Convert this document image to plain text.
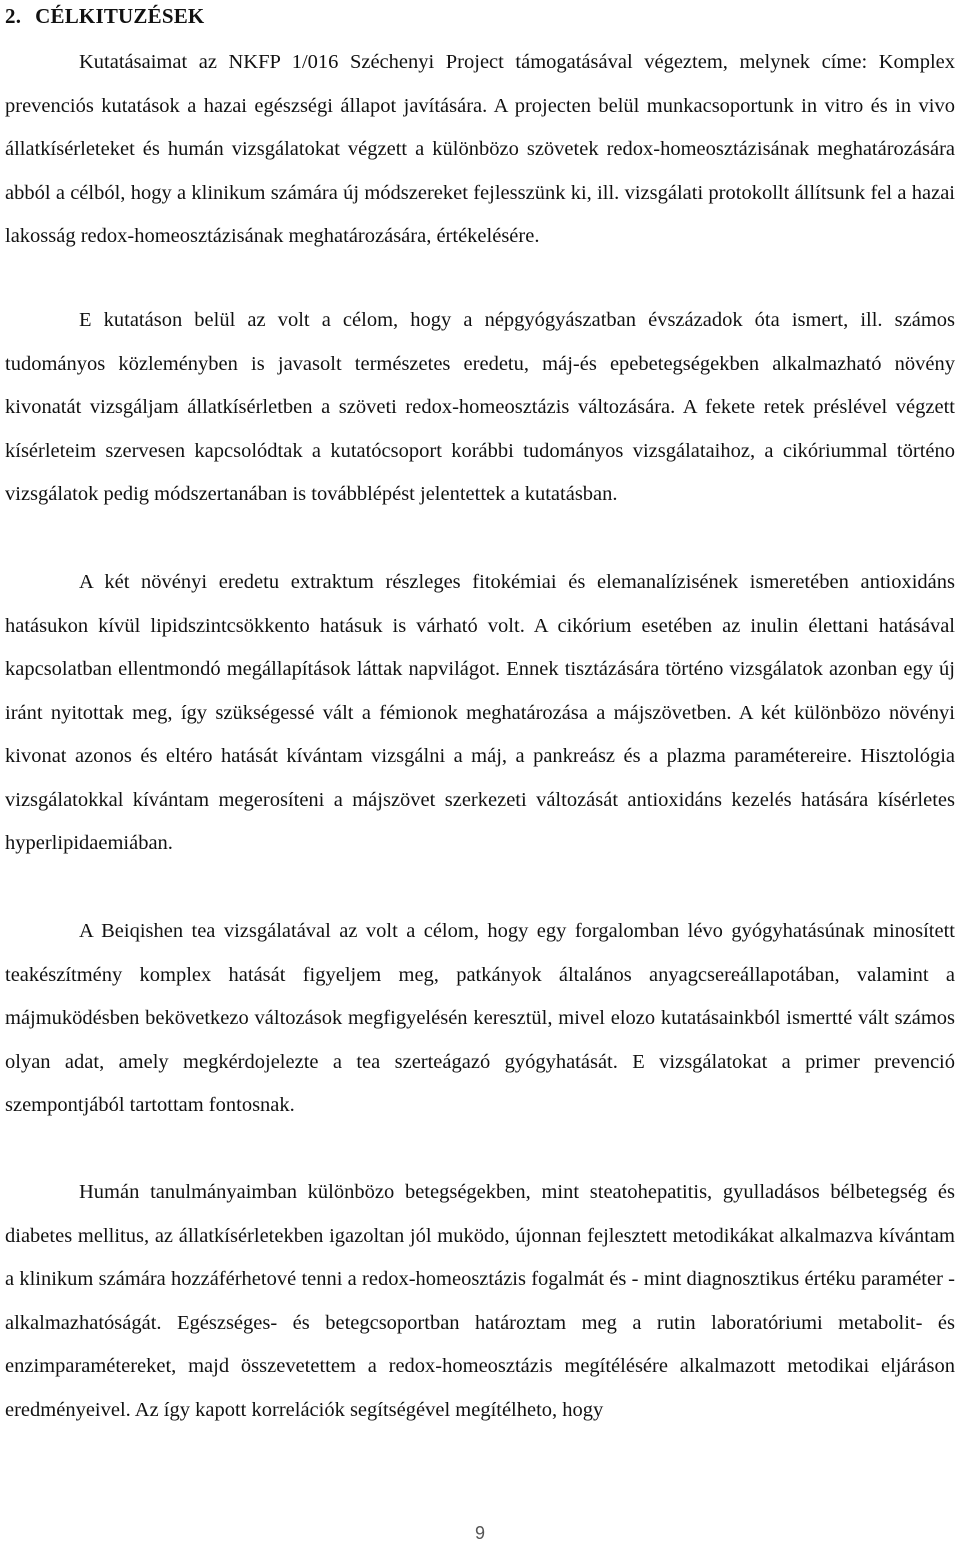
2. CÉLKITUZÉSEK

Kutatásaimat az NKFP 1/016 Széchenyi Project támogatásával végeztem, melynek címe: Komplex prevenciós kutatások a hazai egészségi állapot javítására. A projecten belül munkacsoportunk in vitro és in vivo állatkísérleteket és humán vizsgálatokat végzett a különbözo szövetek redox-homeosztázisának meghatározására abból a célból, hogy a klinikum számára új módszereket fejlesszünk ki, ill. vizsgálati protokollt állítsunk fel a hazai lakosság redox-homeosztázisának meghatározására, értékelésére.

E kutatáson belül az volt a célom, hogy a népgyógyászatban évszázadok óta ismert, ill. számos tudományos közleményben is javasolt természetes eredetu, máj-és epebetegségekben alkalmazható növény kivonatát vizsgáljam állatkísérletben a szöveti redox-homeosztázis változására. A fekete retek préslével végzett kísérleteim szervesen kapcsolódtak a kutatócsoport korábbi tudományos vizsgálataihoz, a cikóriummal történo vizsgálatok pedig módszertanában is továbblépést jelentettek a kutatásban.

A két növényi eredetu extraktum részleges fitokémiai és elemanalízisének ismeretében antioxidáns hatásukon kívül lipidszintcsökkento hatásuk is várható volt. A cikórium esetében az inulin élettani hatásával kapcsolatban ellentmondó megállapítások láttak napvilágot. Ennek tisztázására történo vizsgálatok azonban egy új iránt nyitottak meg, így szükségessé vált a fémionok meghatározása a májszövetben. A két különbözo növényi kivonat azonos és eltéro hatását kívántam vizsgálni a máj, a pankreász és a plazma paramétereire. Hisztológia vizsgálatokkal kívántam megerosíteni a májszövet szerkezeti változását antioxidáns kezelés hatására kísérletes hyperlipidaemiában.

A Beiqishen tea vizsgálatával az volt a célom, hogy egy forgalomban lévo gyógyhatásúnak minosített teakészítmény komplex hatását figyeljem meg, patkányok általános anyagcsereállapotában, valamint a májmuködésben bekövetkezo változások megfigyelésén keresztül, mivel elozo kutatásainkból ismertté vált számos olyan adat, amely megkérdojelezte a tea szerteágazó gyógyhatását. E vizsgálatokat a primer prevenció szempontjából tartottam fontosnak.

Humán tanulmányaimban különbözo betegségekben, mint steatohepatitis, gyulladásos bélbetegség és diabetes mellitus, az állatkísérletekben igazoltan jól muködo, újonnan fejlesztett metodikákat alkalmazva kívántam a klinikum számára hozzáférhetové tenni a redox-homeosztázis fogalmát és - mint diagnosztikus értéku paraméter - alkalmazhatóságát. Egészséges- és betegcsoportban határoztam meg a rutin laboratóriumi metabolit- és enzimparamétereket, majd összevetettem a redox-homeosztázis megítélésére alkalmazott metodikai eljáráson eredményeivel. Az így kapott korrelációk segítségével megítélheto, hogy

9
